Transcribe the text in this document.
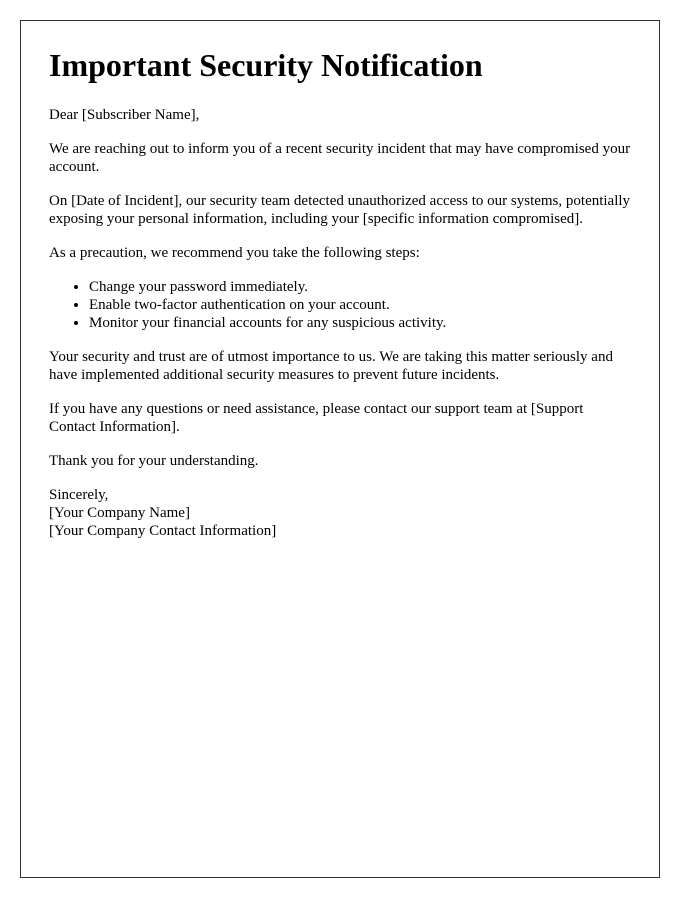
Important Security Notification

Dear [Subscriber Name],

We are reaching out to inform you of a recent security incident that may have compromised your account.

On [Date of Incident], our security team detected unauthorized access to our systems, potentially exposing your personal information, including your [specific information compromised].

As a precaution, we recommend you take the following steps:

• Change your password immediately.
• Enable two-factor authentication on your account.
• Monitor your financial accounts for any suspicious activity.

Your security and trust are of utmost importance to us. We are taking this matter seriously and have implemented additional security measures to prevent future incidents.

If you have any questions or need assistance, please contact our support team at [Support Contact Information].

Thank you for your understanding.

Sincerely,
[Your Company Name]
[Your Company Contact Information]
